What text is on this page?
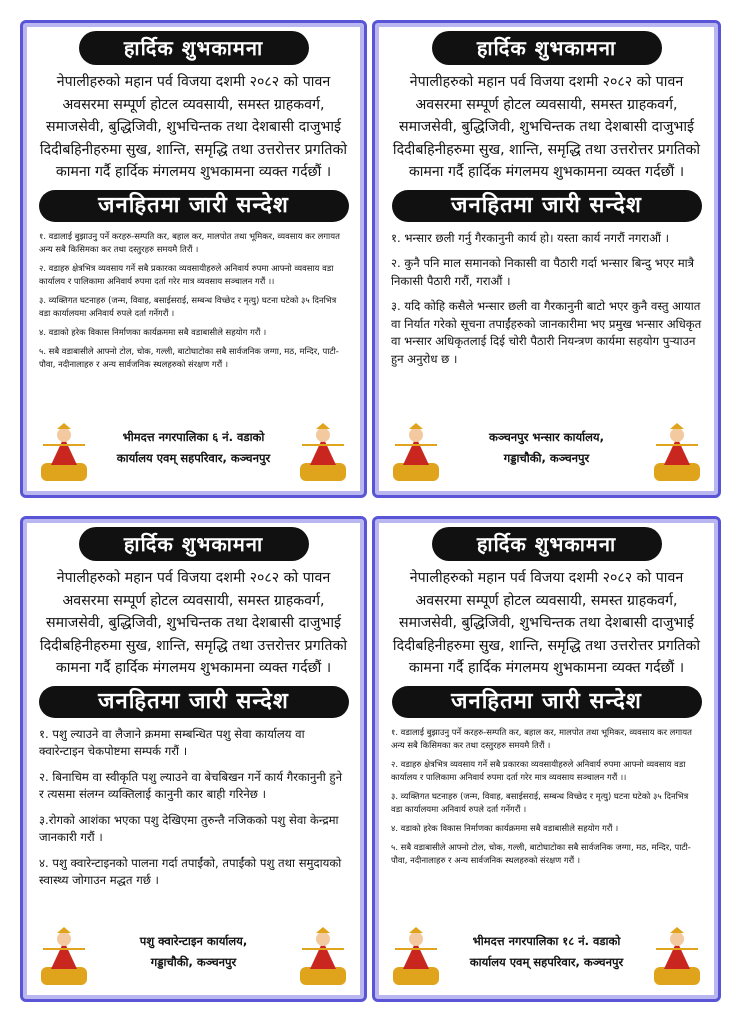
हार्दिक शुभकामना
नेपालीहरुको महान पर्व विजया दशमी २०८२ को पावन अवसरमा सम्पूर्ण होटल व्यवसायी, समस्त ग्राहकवर्ग, समाजसेवी, बुद्धिजिवी, शुभचिन्तक तथा देशबासी दाजुभाई दिदीबहिनीहरुमा सुख, शान्ति, समृद्धि तथा उत्तरोत्तर प्रगतिको कामना गर्दै हार्दिक मंगलमय शुभकामना व्यक्त गर्दछौं ।
जनहितमा जारी सन्देश
१. वडालाई बुझाउनु पर्ने करहरु-सम्पति कर, बहाल कर, मालपोत तथा भूमिकर, व्यवसाय कर लगायत अन्य सबै किसिमका कर तथा दस्तुरहरु समयमै तिरौं ।
२. वडाहरु क्षेत्रभित्र व्यवसाय गर्ने सबै प्रकारका व्यवसायीहरुले अनिवार्य रुपमा आफ्नो व्यवसाय वडा कार्यालय र पालिकामा अनिवार्य रुपमा दर्ता गरेर मात्र व्यवसाय सञ्चालन गरौं ।।
३. व्यक्तिगत घटनाहरु (जन्म, विवाह, बसाईसराई, सम्बन्ध विच्छेद र मृत्यु) घटना घटेको ३५ दिनभित्र वडा कार्यालयमा अनिवार्य रुपले दर्ता गर्नेगरौं ।
४. वडाको हरेक विकास निर्माणका कार्यक्रममा सबै वडाबासीले सहयोग गरौं ।
५. सबै वडाबासीले आफ्नो टोल, चोक, गल्ली, बाटोघाटोका सबै सार्वजनिक जग्गा, मठ, मन्दिर, पाटी-पौवा, नदीनालाहरु र अन्य सार्वजनिक स्थलहरुको संरक्षण गरौं ।
भीमदत्त नगरपालिका ६ नं. वडाको
कार्यालय एवम् सहपरिवार, कञ्चनपुर
हार्दिक शुभकामना
नेपालीहरुको महान पर्व विजया दशमी २०८२ को पावन अवसरमा सम्पूर्ण होटल व्यवसायी, समस्त ग्राहकवर्ग, समाजसेवी, बुद्धिजिवी, शुभचिन्तक तथा देशबासी दाजुभाई दिदीबहिनीहरुमा सुख, शान्ति, समृद्धि तथा उत्तरोत्तर प्रगतिको कामना गर्दै हार्दिक मंगलमय शुभकामना व्यक्त गर्दछौं ।
जनहितमा जारी सन्देश
१. भन्सार छली गर्नु गैरकानुनी कार्य हो। यस्ता कार्य नगरौं नगराऔं ।
२. कुनै पनि माल समानको निकासी वा पैठारी गर्दा भन्सार बिन्दु भएर मात्रै निकासी पैठारी गरौं, गराऔं ।
३. यदि कोहि कसैले भन्सार छली वा गैरकानुनी बाटो भएर कुनै वस्तु आयात वा निर्यात गरेको सूचना तपाईंहरुको जानकारीमा भए प्रमुख भन्सार अधिकृत वा भन्सार अधिकृतलाई दिई चोरी पैठारी नियन्त्रण कार्यमा सहयोग पुर्‍याउन हुन अनुरोध छ ।
कञ्चनपुर भन्सार कार्यालय,
गड्डाचौकी, कञ्चनपुर
हार्दिक शुभकामना
नेपालीहरुको महान पर्व विजया दशमी २०८२ को पावन अवसरमा सम्पूर्ण होटल व्यवसायी, समस्त ग्राहकवर्ग, समाजसेवी, बुद्धिजिवी, शुभचिन्तक तथा देशबासी दाजुभाई दिदीबहिनीहरुमा सुख, शान्ति, समृद्धि तथा उत्तरोत्तर प्रगतिको कामना गर्दै हार्दिक मंगलमय शुभकामना व्यक्त गर्दछौं ।
जनहितमा जारी सन्देश
१. पशु ल्याउने वा लैजाने क्रममा सम्बन्धित पशु सेवा कार्यालय वा क्वारेन्टाइन चेकपोष्टमा सम्पर्क गरौं ।
२. बिनाचिम वा स्वीकृति पशु ल्याउने वा बेचबिखन गर्ने कार्य गैरकानुनी हुने र त्यसमा संलग्न व्यक्तिलाई कानुनी कार बाही गरिनेछ ।
३.रोगको आशंका भएका पशु देखिएमा तुरुन्तै नजिकको पशु सेवा केन्द्रमा जानकारी गरौं ।
४. पशु क्वारेन्टाइनको पालना गर्दा तपाईंको, तपाईंको पशु तथा समुदायको स्वास्थ्य जोगाउन मद्धत गर्छ ।
पशु क्वारेन्टाइन कार्यालय,
गड्डाचौकी, कञ्चनपुर
हार्दिक शुभकामना
नेपालीहरुको महान पर्व विजया दशमी २०८२ को पावन अवसरमा सम्पूर्ण होटल व्यवसायी, समस्त ग्राहकवर्ग, समाजसेवी, बुद्धिजिवी, शुभचिन्तक तथा देशबासी दाजुभाई दिदीबहिनीहरुमा सुख, शान्ति, समृद्धि तथा उत्तरोत्तर प्रगतिको कामना गर्दै हार्दिक मंगलमय शुभकामना व्यक्त गर्दछौं ।
जनहितमा जारी सन्देश
१. वडालाई बुझाउनु पर्ने करहरु-सम्पति कर, बहाल कर, मालपोत तथा भूमिकर, व्यवसाय कर लगायत अन्य सबै किसिमका कर तथा दस्तुरहरु समयमै तिरौं ।
२. वडाहरु क्षेत्रभित्र व्यवसाय गर्ने सबै प्रकारका व्यवसायीहरुले अनिवार्य रुपमा आफ्नो व्यवसाय वडा कार्यालय र पालिकामा अनिवार्य रुपमा दर्ता गरेर मात्र व्यवसाय सञ्चालन गरौं ।।
३. व्यक्तिगत घटनाहरु (जन्म, विवाह, बसाईसराई, सम्बन्ध विच्छेद र मृत्यु) घटना घटेको ३५ दिनभित्र वडा कार्यालयमा अनिवार्य रुपले दर्ता गर्नेगरौं ।
४. वडाको हरेक विकास निर्माणका कार्यक्रममा सबै वडाबासीले सहयोग गरौं ।
५. सबै वडाबासीले आफ्नो टोल, चोक, गल्ली, बाटोघाटोका सबै सार्वजनिक जग्गा, मठ, मन्दिर, पाटी-पौवा, नदीनालाहरु र अन्य सार्वजनिक स्थलहरुको संरक्षण गरौं ।
भीमदत्त नगरपालिका १८ नं. वडाको
कार्यालय एवम् सहपरिवार, कञ्चनपुर
